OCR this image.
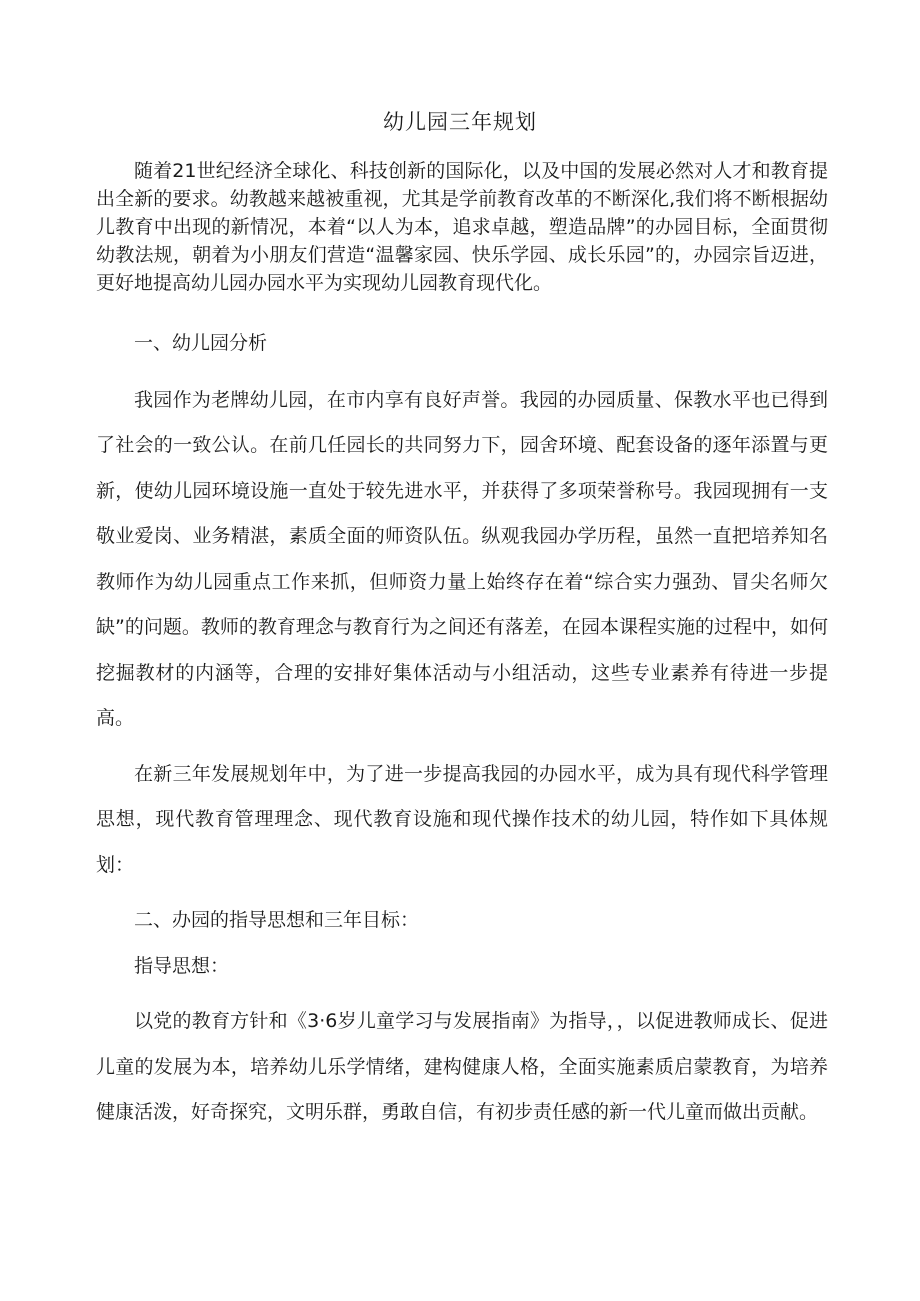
幼儿园三年规划

随着21世纪经济全球化、科技创新的国际化，以及中国的发展必然对人才和教育提出全新的要求。幼教越来越被重视，尤其是学前教育改革的不断深化,我们将不断根据幼儿教育中出现的新情况，本着“以人为本，追求卓越，塑造品牌”的办园目标，全面贯彻幼教法规，朝着为小朋友们营造“温馨家园、快乐学园、成长乐园”的，办园宗旨迈进，更好地提高幼儿园办园水平为实现幼儿园教育现代化。

一、幼儿园分析

我园作为老牌幼儿园，在市内享有良好声誉。我园的办园质量、保教水平也已得到了社会的一致公认。在前几任园长的共同努力下，园舍环境、配套设备的逐年添置与更新，使幼儿园环境设施一直处于较先进水平，并获得了多项荣誉称号。我园现拥有一支敬业爱岗、业务精湛，素质全面的师资队伍。纵观我园办学历程，虽然一直把培养知名教师作为幼儿园重点工作来抓，但师资力量上始终存在着“综合实力强劲、冒尖名师欠缺”的问题。教师的教育理念与教育行为之间还有落差，在园本课程实施的过程中，如何挖掘教材的内涵等，合理的安排好集体活动与小组活动，这些专业素养有待进一步提高。

在新三年发展规划年中，为了进一步提高我园的办园水平，成为具有现代科学管理思想，现代教育管理理念、现代教育设施和现代操作技术的幼儿园，特作如下具体规划：

二、办园的指导思想和三年目标：

指导思想：

以党的教育方针和《3·6岁儿童学习与发展指南》为指导，，以促进教师成长、促进儿童的发展为本，培养幼儿乐学情绪，建构健康人格，全面实施素质启蒙教育，为培养健康活泼，好奇探究，文明乐群，勇敢自信，有初步责任感的新一代儿童而做出贡献。
